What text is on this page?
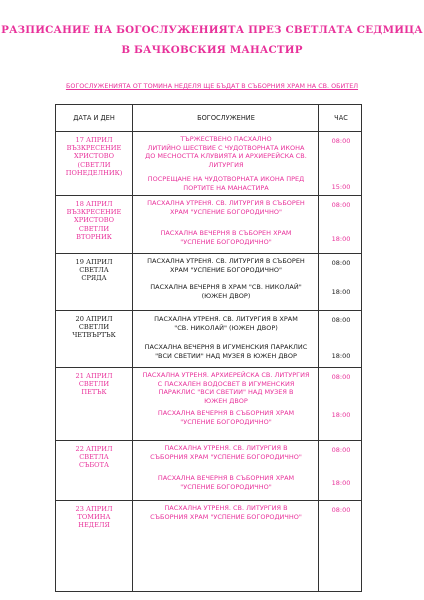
РАЗПИСАНИЕ НА БОГОСЛУЖЕНИЯТА ПРЕЗ СВЕТЛАТА СЕДМИЦА
В БАЧКОВСКИЯ МАНАСТИР
БОГОСЛУЖЕНИЯТА ОТ ТОМИНА НЕДЕЛЯ ЩЕ БЪДАТ В СЪБОРНИЯ ХРАМ НА СВ. ОБИТЕЛ
ДАТА И ДЕН	БОГОСЛУЖЕНИЕ	ЧАС
17 АПРИЛ
ВЪЗКРЕСЕНИЕ
ХРИСТОВО
(СВЕТЛИ
ПОНЕДЕЛНИК)
ТЪРЖЕСТВЕНО ПАСХАЛНО
ЛИТИЙНО ШЕСТВИЕ С ЧУДОТВОРНАТА ИКОНА
ДО МЕСНОСТТА КЛУВИЯТА И АРХИЕРЕЙСКА СВ.
ЛИТУРГИЯ
ПОСРЕЩАНЕ НА ЧУДОТВОРНАТА ИКОНА ПРЕД
ПОРТИТЕ НА МАНАСТИРА
08:00
15:00
18 АПРИЛ
ВЪЗКРЕСЕНИЕ
ХРИСТОВО
СВЕТЛИ
ВТОРНИК
ПАСХАЛНА УТРЕНЯ. СВ. ЛИТУРГИЯ В СЪБОРЕН
ХРАМ "УСПЕНИЕ БОГОРОДИЧНО"
ПАСХАЛНА ВЕЧЕРНЯ В СЪБОРЕН ХРАМ
"УСПЕНИЕ БОГОРОДИЧНО"
08:00
18:00
19 АПРИЛ
СВЕТЛА
СРЯДА
ПАСХАЛНА УТРЕНЯ. СВ. ЛИТУРГИЯ В СЪБОРЕН
ХРАМ "УСПЕНИЕ БОГОРОДИЧНО"
ПАСХАЛНА ВЕЧЕРНЯ В ХРАМ "СВ. НИКОЛАЙ"
(ЮЖЕН ДВОР)
08:00
18:00
20 АПРИЛ
СВЕТЛИ
ЧЕТВЪРТЪК
ПАСХАЛНА УТРЕНЯ. СВ. ЛИТУРГИЯ В ХРАМ
"СВ. НИКОЛАЙ" (ЮЖЕН ДВОР)
ПАСХАЛНА ВЕЧЕРНЯ В ИГУМЕНСКИЯ ПАРАКЛИС
"ВСИ СВЕТИИ" НАД МУЗЕЯ В ЮЖЕН ДВОР
08:00
18:00
21 АПРИЛ
СВЕТЛИ
ПЕТЪК
ПАСХАЛНА УТРЕНЯ. АРХИЕРЕЙСКА СВ. ЛИТУРГИЯ
С ПАСХАЛЕН ВОДОСВЕТ В ИГУМЕНСКИЯ
ПАРАКЛИС "ВСИ СВЕТИИ" НАД МУЗЕЯ В
ЮЖЕН ДВОР
ПАСХАЛНА ВЕЧЕРНЯ В СЪБОРНИЯ ХРАМ
"УСПЕНИЕ БОГОРОДИЧНО"
08:00
18:00
22 АПРИЛ
СВЕТЛА
СЪБОТА
ПАСХАЛНА УТРЕНЯ. СВ. ЛИТУРГИЯ В
СЪБОРНИЯ ХРАМ "УСПЕНИЕ БОГОРОДИЧНО"
ПАСХАЛНА ВЕЧЕРНЯ В СЪБОРНИЯ ХРАМ
"УСПЕНИЕ БОГОРОДИЧНО"
08:00
18:00
23 АПРИЛ
ТОМИНА
НЕДЕЛЯ
ПАСХАЛНА УТРЕНЯ. СВ. ЛИТУРГИЯ В
СЪБОРНИЯ ХРАМ "УСПЕНИЕ БОГОРОДИЧНО"
08:00
